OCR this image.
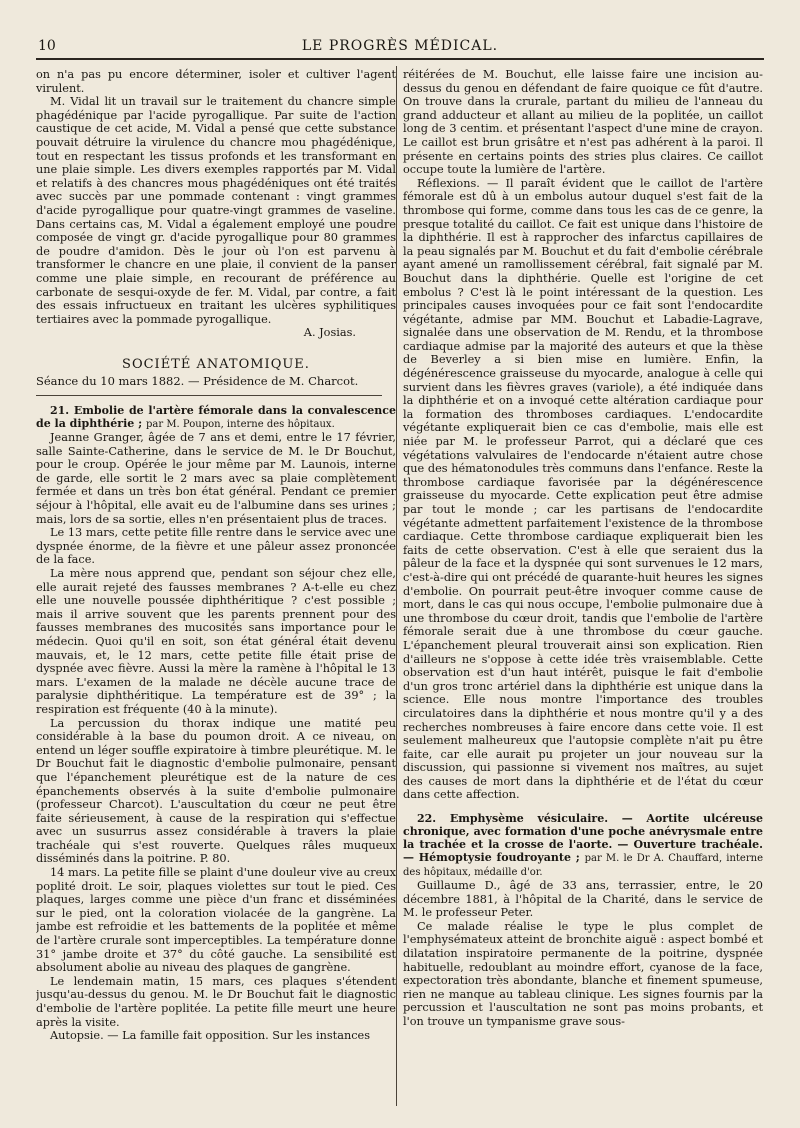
10	LE PROGRÈS MÉDICAL.

on n'a pas pu encore déterminer, isoler et cultiver l'agent virulent.

M. Vidal lit un travail sur le traitement du chancre simple phagédénique par l'acide pyrogallique. Par suite de l'action caustique de cet acide, M. Vidal a pensé que cette substance pouvait détruire la virulence du chancre mou phagédénique, tout en respectant les tissus profonds et les transformant en une plaie simple. Les divers exemples rapportés par M. Vidal et relatifs à des chancres mous phagédéniques ont été traités avec succès par une pommade contenant : vingt grammes d'acide pyrogallique pour quatre-vingt grammes de vaseline. Dans certains cas, M. Vidal a également employé une poudre composée de vingt gr. d'acide pyrogallique pour 80 grammes de poudre d'amidon. Dès le jour où l'on est parvenu à transformer le chancre en une plaie, il convient de la panser comme une plaie simple, en recourant de préférence au carbonate de sesqui-oxyde de fer. M. Vidal, par contre, a fait des essais infructueux en traitant les ulcères syphilitiques tertiaires avec la pommade pyrogallique.

A. Josias.

SOCIÉTÉ ANATOMIQUE.
Séance du 10 mars 1882. — Présidence de M. Charcot.

21. Embolie de l'artère fémorale dans la convalescence de la diphthérie ; par M. Poupon, interne des hôpitaux.

Jeanne Granger, âgée de 7 ans et demi, entre le 17 février, salle Sainte-Catherine, dans le service de M. le Dr Bouchut, pour le croup. Opérée le jour même par M. Launois, interne de garde, elle sortit le 2 mars avec sa plaie complètement fermée et dans un très bon état général. Pendant ce premier séjour à l'hôpital, elle avait eu de l'albumine dans ses urines ; mais, lors de sa sortie, elles n'en présentaient plus de traces.

Le 13 mars, cette petite fille rentre dans le service avec une dyspnée énorme, de la fièvre et une pâleur assez prononcée de la face.

La mère nous apprend que, pendant son séjour chez elle, elle aurait rejeté des fausses membranes ? A-t-elle eu chez elle une nouvelle poussée diphthéritique ? c'est possible ; mais il arrive souvent que les parents prennent pour des fausses membranes des mucosités sans importance pour le médecin. Quoi qu'il en soit, son état général était devenu mauvais, et, le 12 mars, cette petite fille était prise de dyspnée avec fièvre. Aussi la mère la ramène à l'hôpital le 13 mars. L'examen de la malade ne décèle aucune trace de paralysie diphthéritique. La température est de 39° ; la respiration est fréquente (40 à la minute).

La percussion du thorax indique une matité peu considérable à la base du poumon droit. A ce niveau, on entend un léger souffle expiratoire à timbre pleurétique. M. le Dr Bouchut fait le diagnostic d'embolie pulmonaire, pensant que l'épanchement pleurétique est de la nature de ces épanchements observés à la suite d'embolie pulmonaire (professeur Charcot). L'auscultation du cœur ne peut être faite sérieusement, à cause de la respiration qui s'effectue avec un susurrus assez considérable à travers la plaie trachéale qui s'est rouverte. Quelques râles muqueux disséminés dans la poitrine. P. 80.

14 mars. La petite fille se plaint d'une douleur vive au creux poplité droit. Le soir, plaques violettes sur tout le pied. Ces plaques, larges comme une pièce d'un franc et disséminées sur le pied, ont la coloration violacée de la gangrène. La jambe est refroidie et les battements de la poplitée et même de l'artère crurale sont imperceptibles. La température donne 31° jambe droite et 37° du côté gauche. La sensibilité est absolument abolie au niveau des plaques de gangrène.

Le lendemain matin, 15 mars, ces plaques s'étendent jusqu'au-dessus du genou. M. le Dr Bouchut fait le diagnostic d'embolie de l'artère poplitée. La petite fille meurt une heure après la visite.

Autopsie. — La famille fait opposition. Sur les instances

réitérées de M. Bouchut, elle laisse faire une incision au-dessus du genou en défendant de faire quoique ce fût d'autre. On trouve dans la crurale, partant du milieu de l'anneau du grand adducteur et allant au milieu de la poplitée, un caillot long de 3 centim. et présentant l'aspect d'une mine de crayon. Le caillot est brun grisâtre et n'est pas adhérent à la paroi. Il présente en certains points des stries plus claires. Ce caillot occupe toute la lumière de l'artère.

Réflexions. — Il paraît évident que le caillot de l'artère fémorale est dû à un embolus autour duquel s'est fait de la thrombose qui forme, comme dans tous les cas de ce genre, la presque totalité du caillot. Ce fait est unique dans l'histoire de la diphthérie. Il est à rapprocher des infarctus capillaires de la peau signalés par M. Bouchut et du fait d'embolie cérébrale ayant amené un ramollissement cérébral, fait signalé par M. Bouchut dans la diphthérie. Quelle est l'origine de cet embolus ? C'est là le point intéressant de la question. Les principales causes invoquées pour ce fait sont l'endocardite végétante, admise par MM. Bouchut et Labadie-Lagrave, signalée dans une observation de M. Rendu, et la thrombose cardiaque admise par la majorité des auteurs et que la thèse de Beverley a si bien mise en lumière. Enfin, la dégénérescence graisseuse du myocarde, analogue à celle qui survient dans les fièvres graves (variole), a été indiquée dans la diphthérie et on a invoqué cette altération cardiaque pour la formation des thromboses cardiaques. L'endocardite végétante expliquerait bien ce cas d'embolie, mais elle est niée par M. le professeur Parrot, qui a déclaré que ces végétations valvulaires de l'endocarde n'étaient autre chose que des hématonodules très communs dans l'enfance. Reste la thrombose cardiaque favorisée par la dégénérescence graisseuse du myocarde. Cette explication peut être admise par tout le monde ; car les partisans de l'endocardite végétante admettent parfaitement l'existence de la thrombose cardiaque. Cette thrombose cardiaque expliquerait bien les faits de cette observation. C'est à elle que seraient dus la pâleur de la face et la dyspnée qui sont survenues le 12 mars, c'est-à-dire qui ont précédé de quarante-huit heures les signes d'embolie. On pourrait peut-être invoquer comme cause de mort, dans le cas qui nous occupe, l'embolie pulmonaire due à une thrombose du cœur droit, tandis que l'embolie de l'artère fémorale serait due à une thrombose du cœur gauche. L'épanchement pleural trouverait ainsi son explication. Rien d'ailleurs ne s'oppose à cette idée très vraisemblable. Cette observation est d'un haut intérêt, puisque le fait d'embolie d'un gros tronc artériel dans la diphthérie est unique dans la science. Elle nous montre l'importance des troubles circulatoires dans la diphthérie et nous montre qu'il y a des recherches nombreuses à faire encore dans cette voie. Il est seulement malheureux que l'autopsie complète n'ait pu être faite, car elle aurait pu projeter un jour nouveau sur la discussion, qui passionne si vivement nos maîtres, au sujet des causes de mort dans la diphthérie et de l'état du cœur dans cette affection.

22. Emphysème vésiculaire. — Aortite ulcéreuse chronique, avec formation d'une poche anévrysmale entre la trachée et la crosse de l'aorte. — Ouverture trachéale. — Hémoptysie foudroyante ; par M. le Dr A. Chauffard, interne des hôpitaux, médaille d'or.

Guillaume D., âgé de 33 ans, terrassier, entre, le 20 décembre 1881, à l'hôpital de la Charité, dans le service de M. le professeur Peter.

Ce malade réalise le type le plus complet de l'emphysémateux atteint de bronchite aiguë : aspect bombé et dilatation inspiratoire permanente de la poitrine, dyspnée habituelle, redoublant au moindre effort, cyanose de la face, expectoration très abondante, blanche et finement spumeuse, rien ne manque au tableau clinique. Les signes fournis par la percussion et l'auscultation ne sont pas moins probants, et l'on trouve un tympanisme grave sous-
